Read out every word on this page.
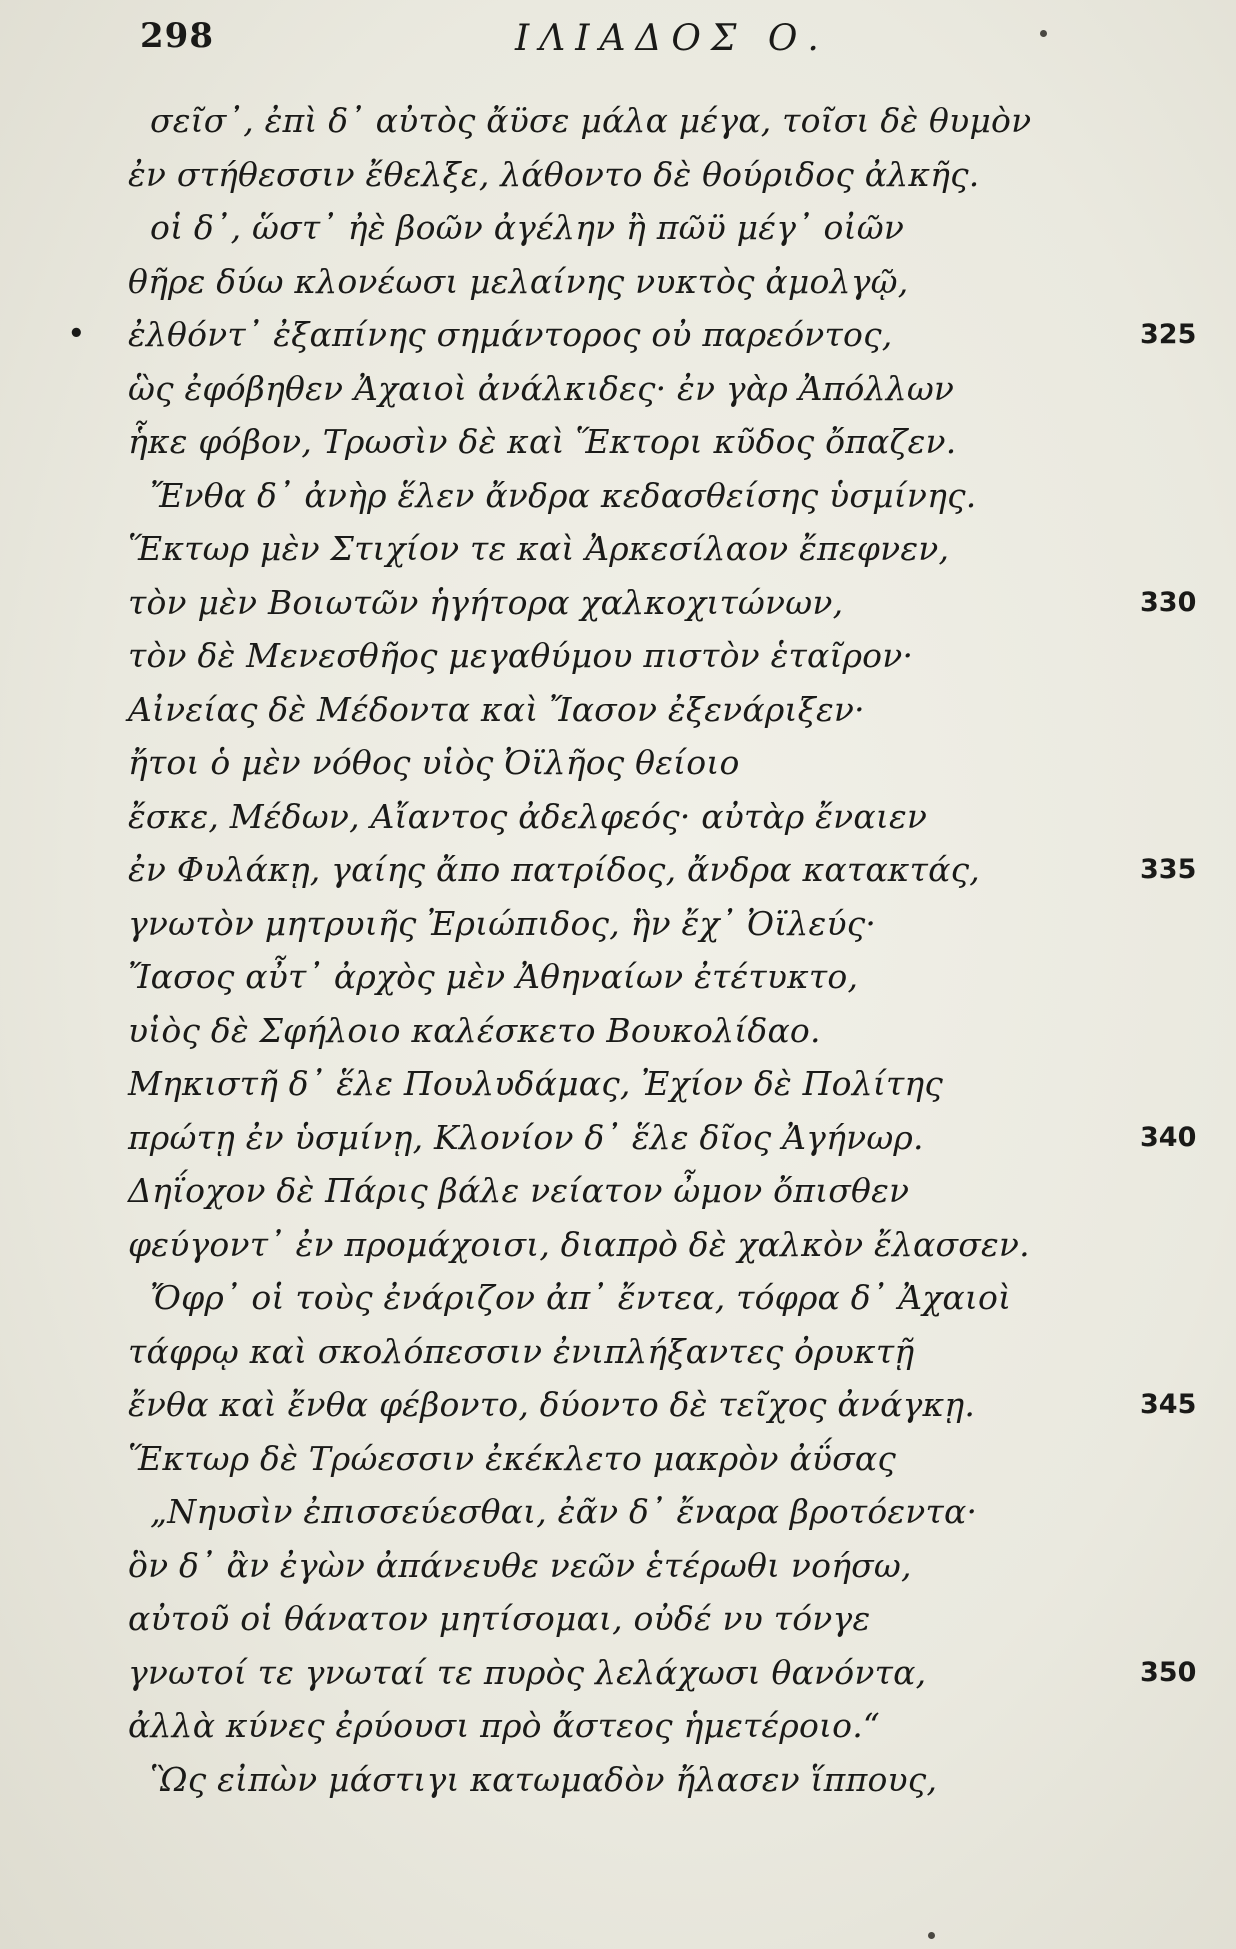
298	ΙΛΙΑΔΟΣ Ο.
σεῖσ᾽, ἐπὶ δ᾽ αὐτὸς ἄϋσε μάλα μέγα, τοῖσι δὲ θυμὸν
ἐν στήθεσσιν ἔθελξε, λάθοντο δὲ θούριδος ἀλκῆς.
οἱ δ᾽, ὥστ᾽ ἠὲ βοῶν ἀγέλην ἢ πῶϋ μέγ᾽ οἰῶν
θῆρε δύω κλονέωσι μελαίνης νυκτὸς ἀμολγῷ,
• ἐλθόντ᾽ ἐξαπίνης σημάντορος οὐ παρεόντος,	325
ὣς ἐφόβηθεν Ἀχαιοὶ ἀνάλκιδες· ἐν γὰρ Ἀπόλλων
ἧκε φόβον, Τρωσὶν δὲ καὶ Ἕκτορι κῦδος ὄπαζεν.
Ἔνθα δ᾽ ἀνὴρ ἕλεν ἄνδρα κεδασθείσης ὑσμίνης.
Ἕκτωρ μὲν Στιχίον τε καὶ Ἀρκεσίλαον ἔπεφνεν,
τὸν μὲν Βοιωτῶν ἡγήτορα χαλκοχιτώνων,	330
τὸν δὲ Μενεσθῆος μεγαθύμου πιστὸν ἑταῖρον·
Αἰνείας δὲ Μέδοντα καὶ Ἴασον ἐξενάριξεν·
ἤτοι ὁ μὲν νόθος υἱὸς Ὀϊλῆος θείοιο
ἔσκε, Μέδων, Αἴαντος ἀδελφεός· αὐτὰρ ἔναιεν
ἐν Φυλάκῃ, γαίης ἄπο πατρίδος, ἄνδρα κατακτάς,	335
γνωτὸν μητρυιῆς Ἐριώπιδος, ἣν ἔχ᾽ Ὀϊλεύς·
Ἴασος αὖτ᾽ ἀρχὸς μὲν Ἀθηναίων ἐτέτυκτο,
υἱὸς δὲ Σφήλοιο καλέσκετο Βουκολίδαο.
Μηκιστῆ δ᾽ ἕλε Πουλυδάμας, Ἐχίον δὲ Πολίτης
πρώτῃ ἐν ὑσμίνῃ, Κλονίον δ᾽ ἕλε δῖος Ἀγήνωρ.	340
Δηΐοχον δὲ Πάρις βάλε νείατον ὦμον ὄπισθεν
φεύγοντ᾽ ἐν προμάχοισι, διαπρὸ δὲ χαλκὸν ἔλασσεν.
Ὄφρ᾽ οἱ τοὺς ἐνάριζον ἀπ᾽ ἔντεα, τόφρα δ᾽ Ἀχαιοὶ
τάφρῳ καὶ σκολόπεσσιν ἐνιπλήξαντες ὀρυκτῇ
ἔνθα καὶ ἔνθα φέβοντο, δύοντο δὲ τεῖχος ἀνάγκῃ.	345
Ἕκτωρ δὲ Τρώεσσιν ἐκέκλετο μακρὸν ἀΰσας
„Νηυσὶν ἐπισσεύεσθαι, ἐᾶν δ᾽ ἔναρα βροτόεντα·
ὃν δ᾽ ἂν ἐγὼν ἀπάνευθε νεῶν ἑτέρωθι νοήσω,
αὐτοῦ οἱ θάνατον μητίσομαι, οὐδέ νυ τόνγε
γνωτοί τε γνωταί τε πυρὸς λελάχωσι θανόντα,	350
ἀλλὰ κύνες ἐρύουσι πρὸ ἄστεος ἡμετέροιο.“
Ὣς εἰπὼν μάστιγι κατωμαδὸν ἤλασεν ἵππους,
